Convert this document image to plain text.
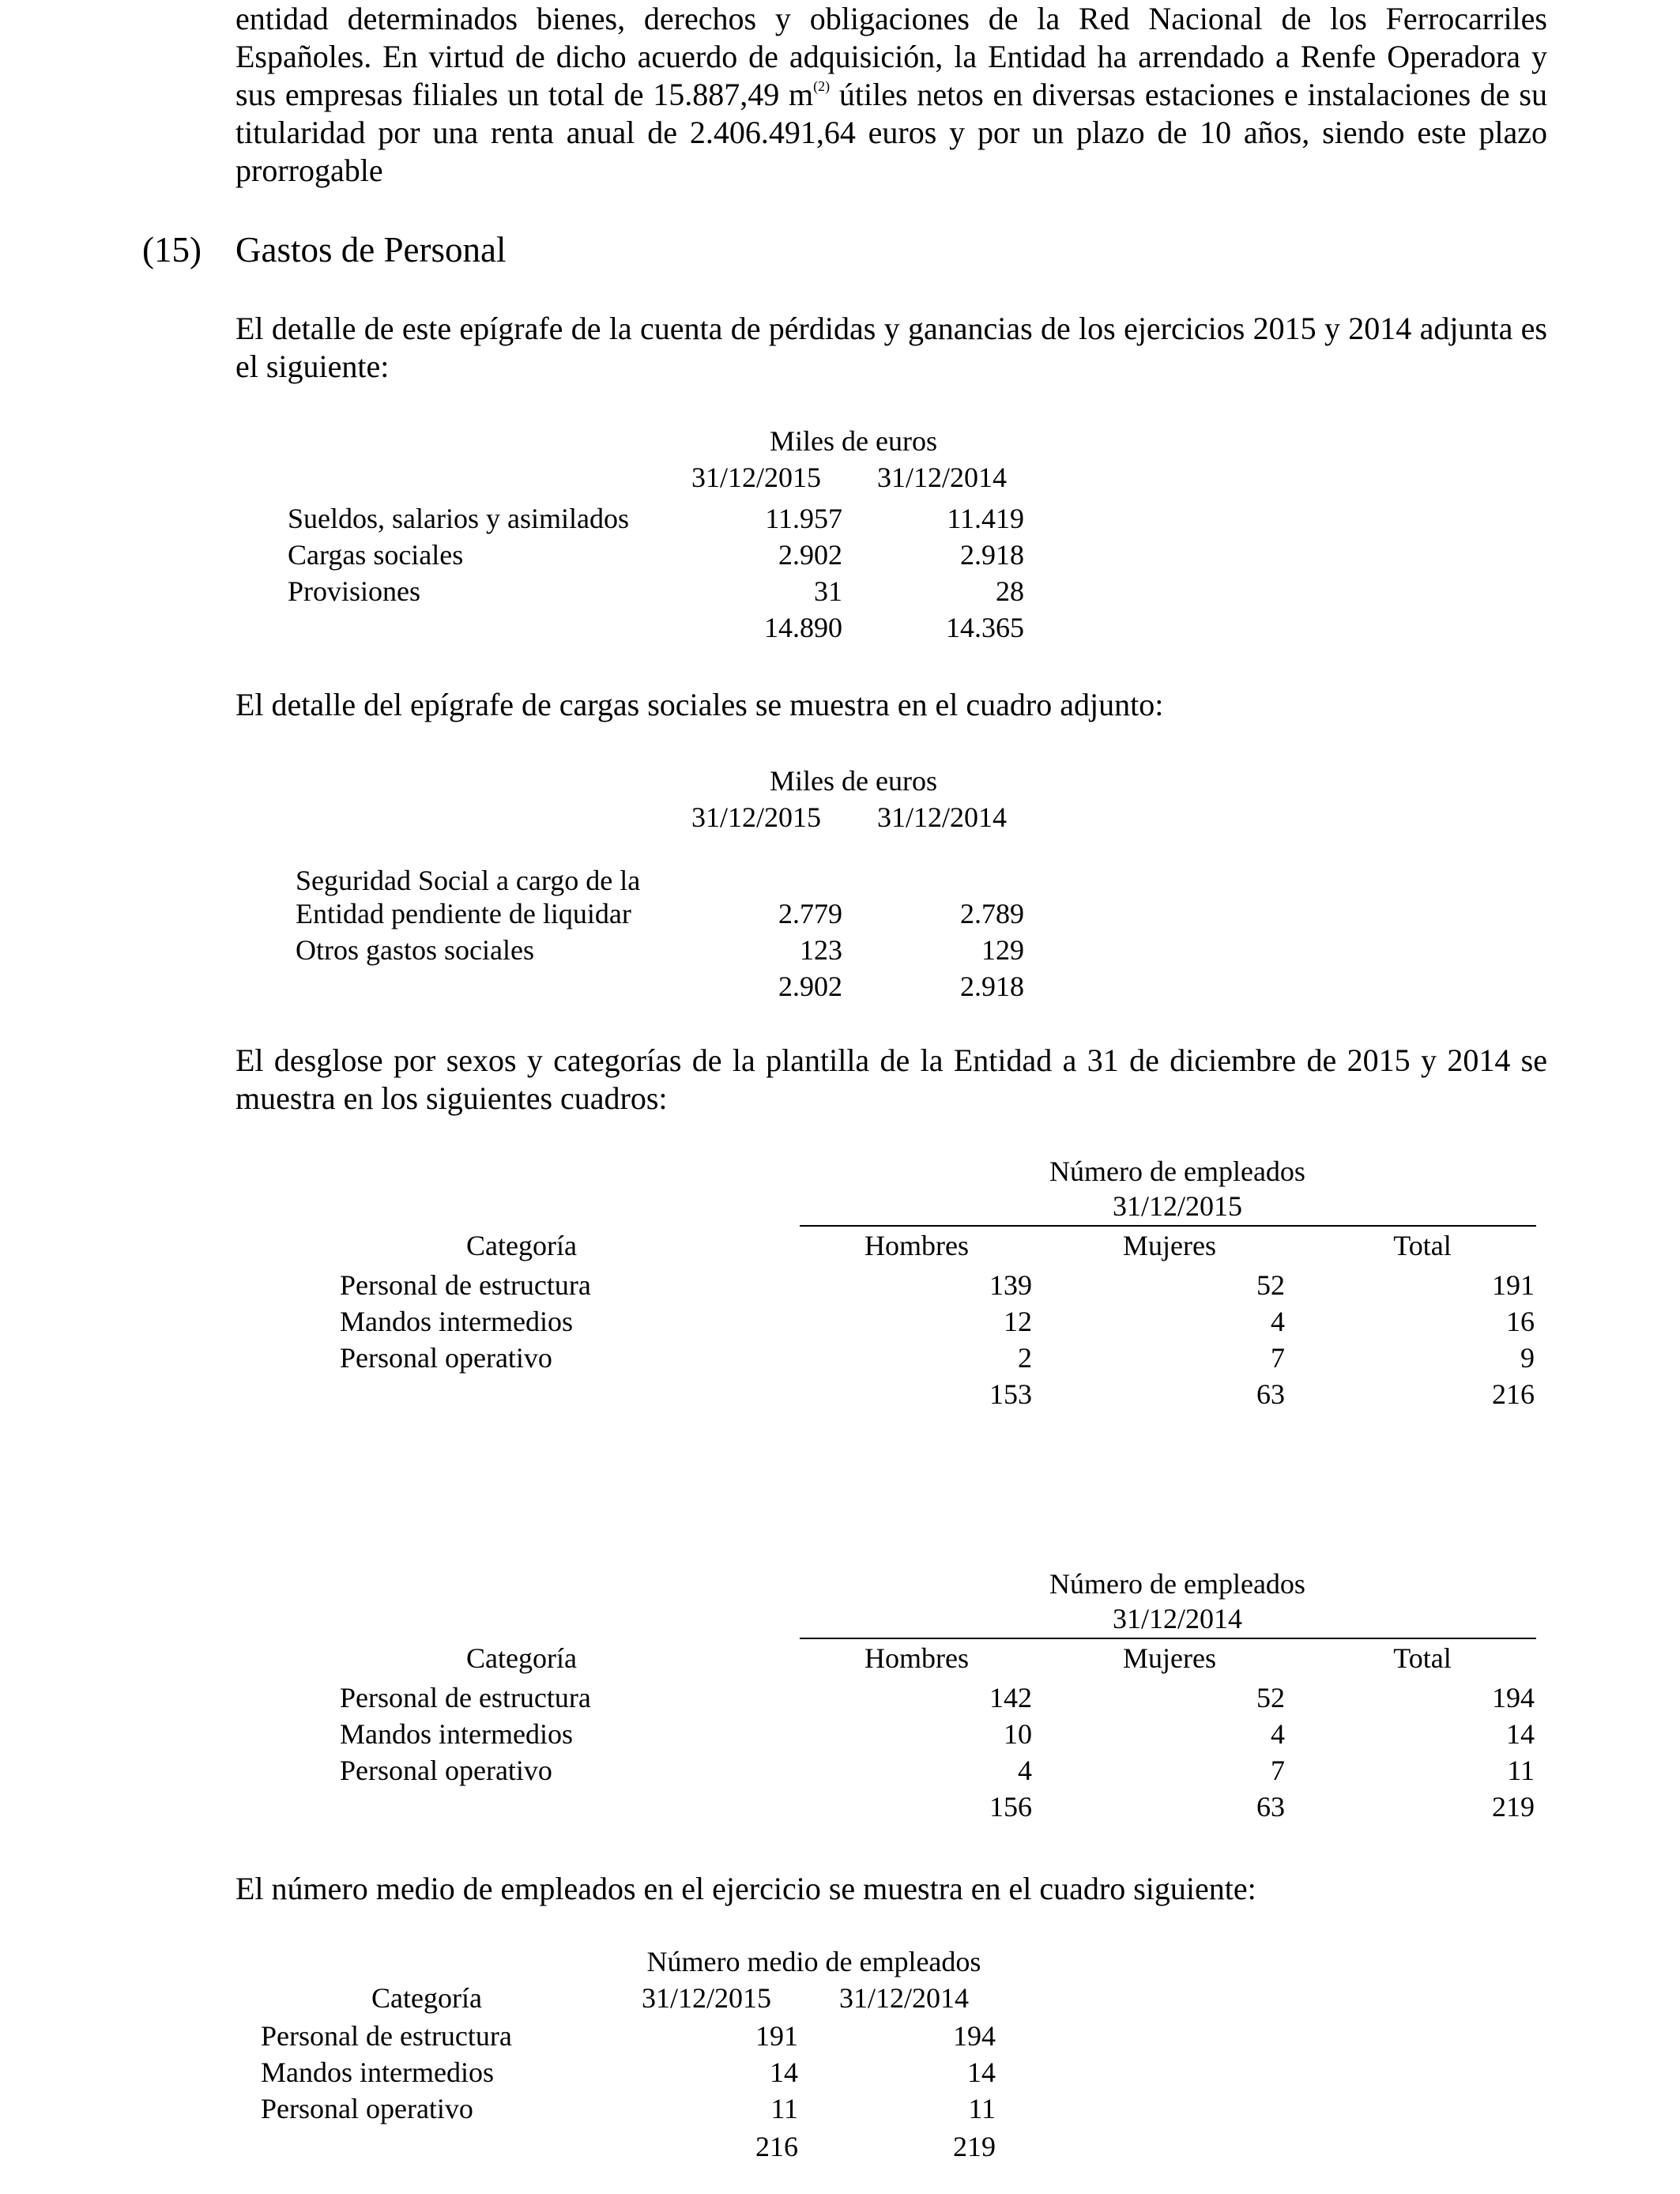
entidad determinados bienes, derechos y obligaciones de la Red Nacional de los Ferrocarriles Españoles. En virtud de dicho acuerdo de adquisición, la Entidad ha arrendado a Renfe Operadora y sus empresas filiales un total de 15.887,49 $m^{(2)}$ útiles netos en diversas estaciones e instalaciones de su titularidad por una renta anual de 2.406.491,64 euros y por un plazo de 10 años, siendo este plazo prorrogable

(15) Gastos de Personal

El detalle de este epígrafe de la cuenta de pérdidas y ganancias de los ejercicios 2015 y 2014 adjunta es el siguiente:

Miles de euros
31/12/2015 31/12/2014
Sueldos, salarios y asimilados	11.957	11.419
Cargas sociales	2.902	2.918
Provisiones	31	28
14.890	14.365

El detalle del epígrafe de cargas sociales se muestra en el cuadro adjunto:

Miles de euros
31/12/2015 31/12/2014
Seguridad Social a cargo de la
Entidad pendiente de liquidar	2.779	2.789
Otros gastos sociales	123	129
2.902	2.918

El desglose por sexos y categorías de la plantilla de la Entidad a 31 de diciembre de 2015 y 2014 se muestra en los siguientes cuadros:

Número de empleados
31/12/2015
Categoría	Hombres	Mujeres	Total
Personal de estructura	139	52	191
Mandos intermedios	12	4	16
Personal operativo	2	7	9
153	63	216
Número de empleados
31/12/2014
Categoría	Hombres	Mujeres	Total
Personal de estructura	142	52	194
Mandos intermedios	10	4	14
Personal operativo	4	7	11
156	63	219

El número medio de empleados en el ejercicio se muestra en el cuadro siguiente:

Número medio de empleados
Categoría	31/12/2015 31/12/2014
Personal de estructura	191	194
Mandos intermedios	14	14
Personal operativo	11	11
216	219
